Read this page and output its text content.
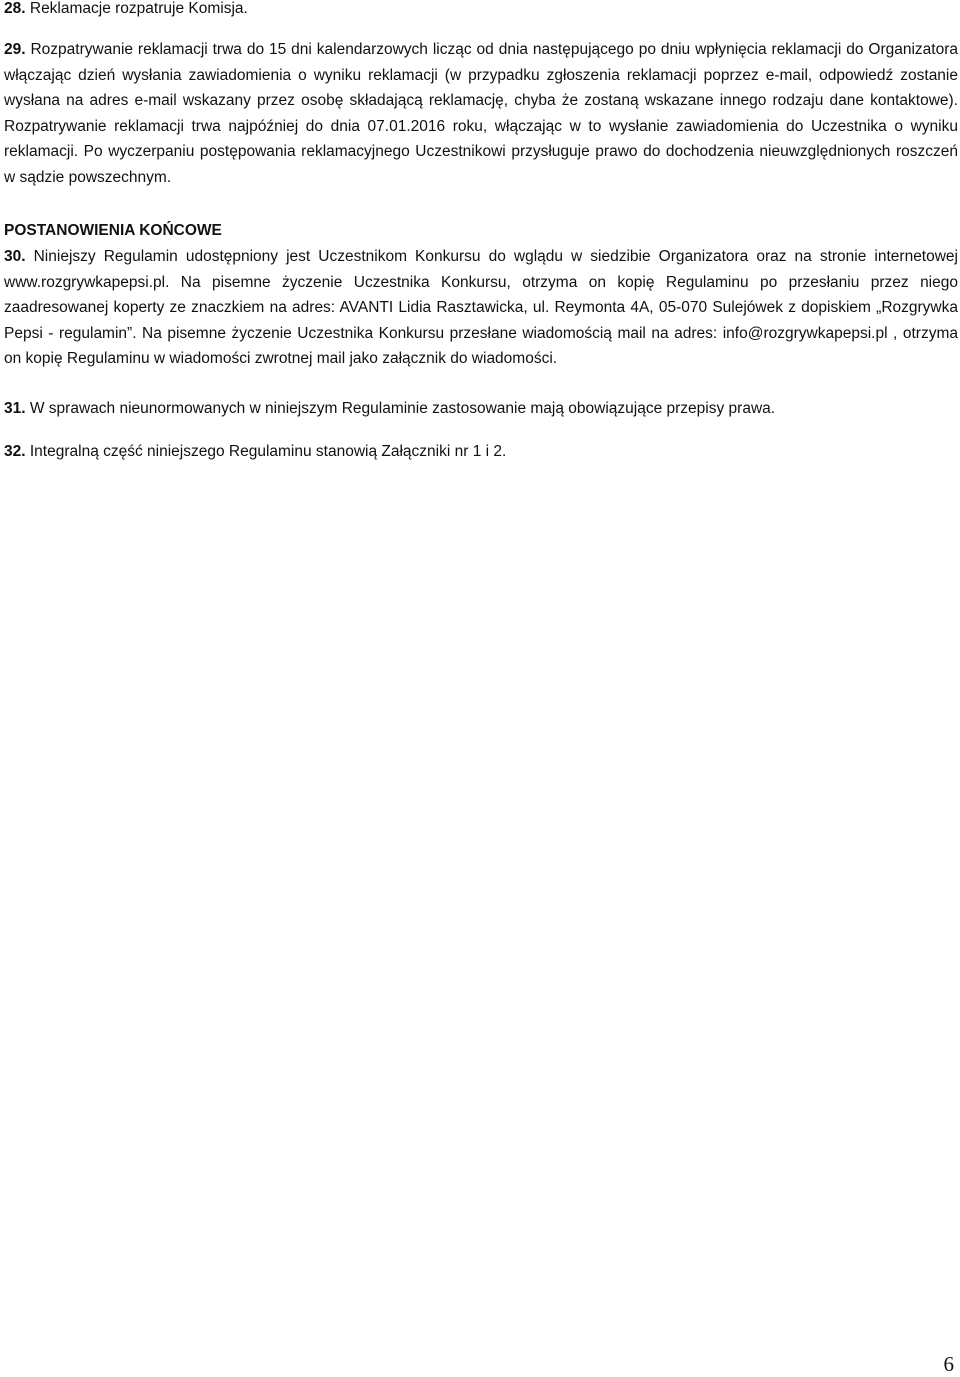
28. Reklamacje rozpatruje Komisja.

29. Rozpatrywanie reklamacji trwa do 15 dni kalendarzowych licząc od dnia następującego po dniu wpłynięcia reklamacji do Organizatora włączając dzień wysłania zawiadomienia o wyniku reklamacji (w przypadku zgłoszenia reklamacji poprzez e-mail, odpowiedź zostanie wysłana na adres e-mail wskazany przez osobę składającą reklamację, chyba że zostaną wskazane innego rodzaju dane kontaktowe). Rozpatrywanie reklamacji trwa najpóźniej do dnia 07.01.2016 roku, włączając w to wysłanie zawiadomienia do Uczestnika o wyniku reklamacji. Po wyczerpaniu postępowania reklamacyjnego Uczestnikowi przysługuje prawo do dochodzenia nieuwzględnionych roszczeń w sądzie powszechnym.

POSTANOWIENIA KOŃCOWE

30. Niniejszy Regulamin udostępniony jest Uczestnikom Konkursu do wglądu w siedzibie Organizatora oraz na stronie internetowej www.rozgrywkapepsi.pl. Na pisemne życzenie Uczestnika Konkursu, otrzyma on kopię Regulaminu po przesłaniu przez niego zaadresowanej koperty ze znaczkiem na adres: AVANTI Lidia Rasztawicka, ul. Reymonta 4A, 05-070 Sulejówek z dopiskiem „Rozgrywka Pepsi - regulamin”. Na pisemne życzenie Uczestnika Konkursu przesłane wiadomością mail na adres: info@rozgrywkapepsi.pl , otrzyma on kopię Regulaminu w wiadomości zwrotnej mail jako załącznik do wiadomości.

31. W sprawach nieunormowanych w niniejszym Regulaminie zastosowanie mają obowiązujące przepisy prawa.

32. Integralną część niniejszego Regulaminu stanowią Załączniki nr 1 i 2.

6
